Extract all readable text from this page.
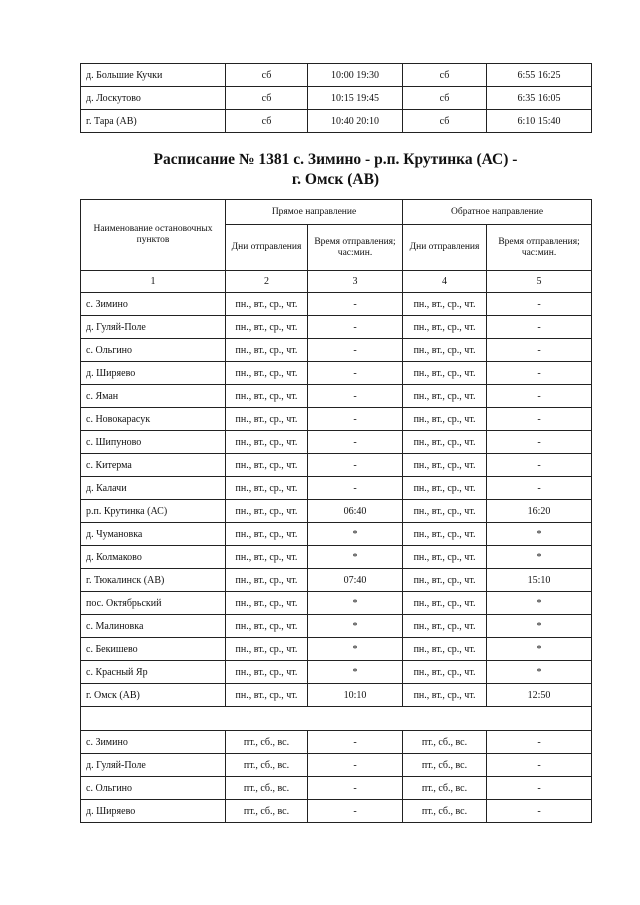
д. Большие Кучки	сб	10:00 19:30	сб	6:55 16:25
д. Лоскутово	сб	10:15 19:45	сб	6:35 16:05
г. Тара (АВ)	сб	10:40 20:10	сб	6:10 15:40
Расписание № 1381 с. Зимино - р.п. Крутинка (АС) -
г. Омск (АВ)
Наименование остановочных пунктов	Прямое направление		Обратное направление	
	Дни отправления	Время отправления; час:мин.	Дни отправления	Время отправления; час:мин.
1	2	3	4	5
с. Зимино	пн., вт., ср., чт.	-	пн., вт., ср., чт.	-
д. Гуляй-Поле	пн., вт., ср., чт.	-	пн., вт., ср., чт.	-
с. Ольгино	пн., вт., ср., чт.	-	пн., вт., ср., чт.	-
д. Ширяево	пн., вт., ср., чт.	-	пн., вт., ср., чт.	-
с. Яман	пн., вт., ср., чт.	-	пн., вт., ср., чт.	-
с. Новокарасук	пн., вт., ср., чт.	-	пн., вт., ср., чт.	-
с. Шипуново	пн., вт., ср., чт.	-	пн., вт., ср., чт.	-
с. Китерма	пн., вт., ср., чт.	-	пн., вт., ср., чт.	-
д. Калачи	пн., вт., ср., чт.	-	пн., вт., ср., чт.	-
р.п. Крутинка (АС)	пн., вт., ср., чт.	06:40	пн., вт., ср., чт.	16:20
д. Чумановка	пн., вт., ср., чт.	*	пн., вт., ср., чт.	*
д. Колмаково	пн., вт., ср., чт.	*	пн., вт., ср., чт.	*
г. Тюкалинск (АВ)	пн., вт., ср., чт.	07:40	пн., вт., ср., чт.	15:10
пос. Октябрьский	пн., вт., ср., чт.	*	пн., вт., ср., чт.	*
с. Малиновка	пн., вт., ср., чт.	*	пн., вт., ср., чт.	*
с. Бекишево	пн., вт., ср., чт.	*	пн., вт., ср., чт.	*
с. Красный Яр	пн., вт., ср., чт.	*	пн., вт., ср., чт.	*
г. Омск (АВ)	пн., вт., ср., чт.	10:10	пн., вт., ср., чт.	12:50

с. Зимино	пт., сб., вс.	-	пт., сб., вс.	-
д. Гуляй-Поле	пт., сб., вс.	-	пт., сб., вс.	-
с. Ольгино	пт., сб., вс.	-	пт., сб., вс.	-
д. Ширяево	пт., сб., вс.	-	пт., сб., вс.	-
